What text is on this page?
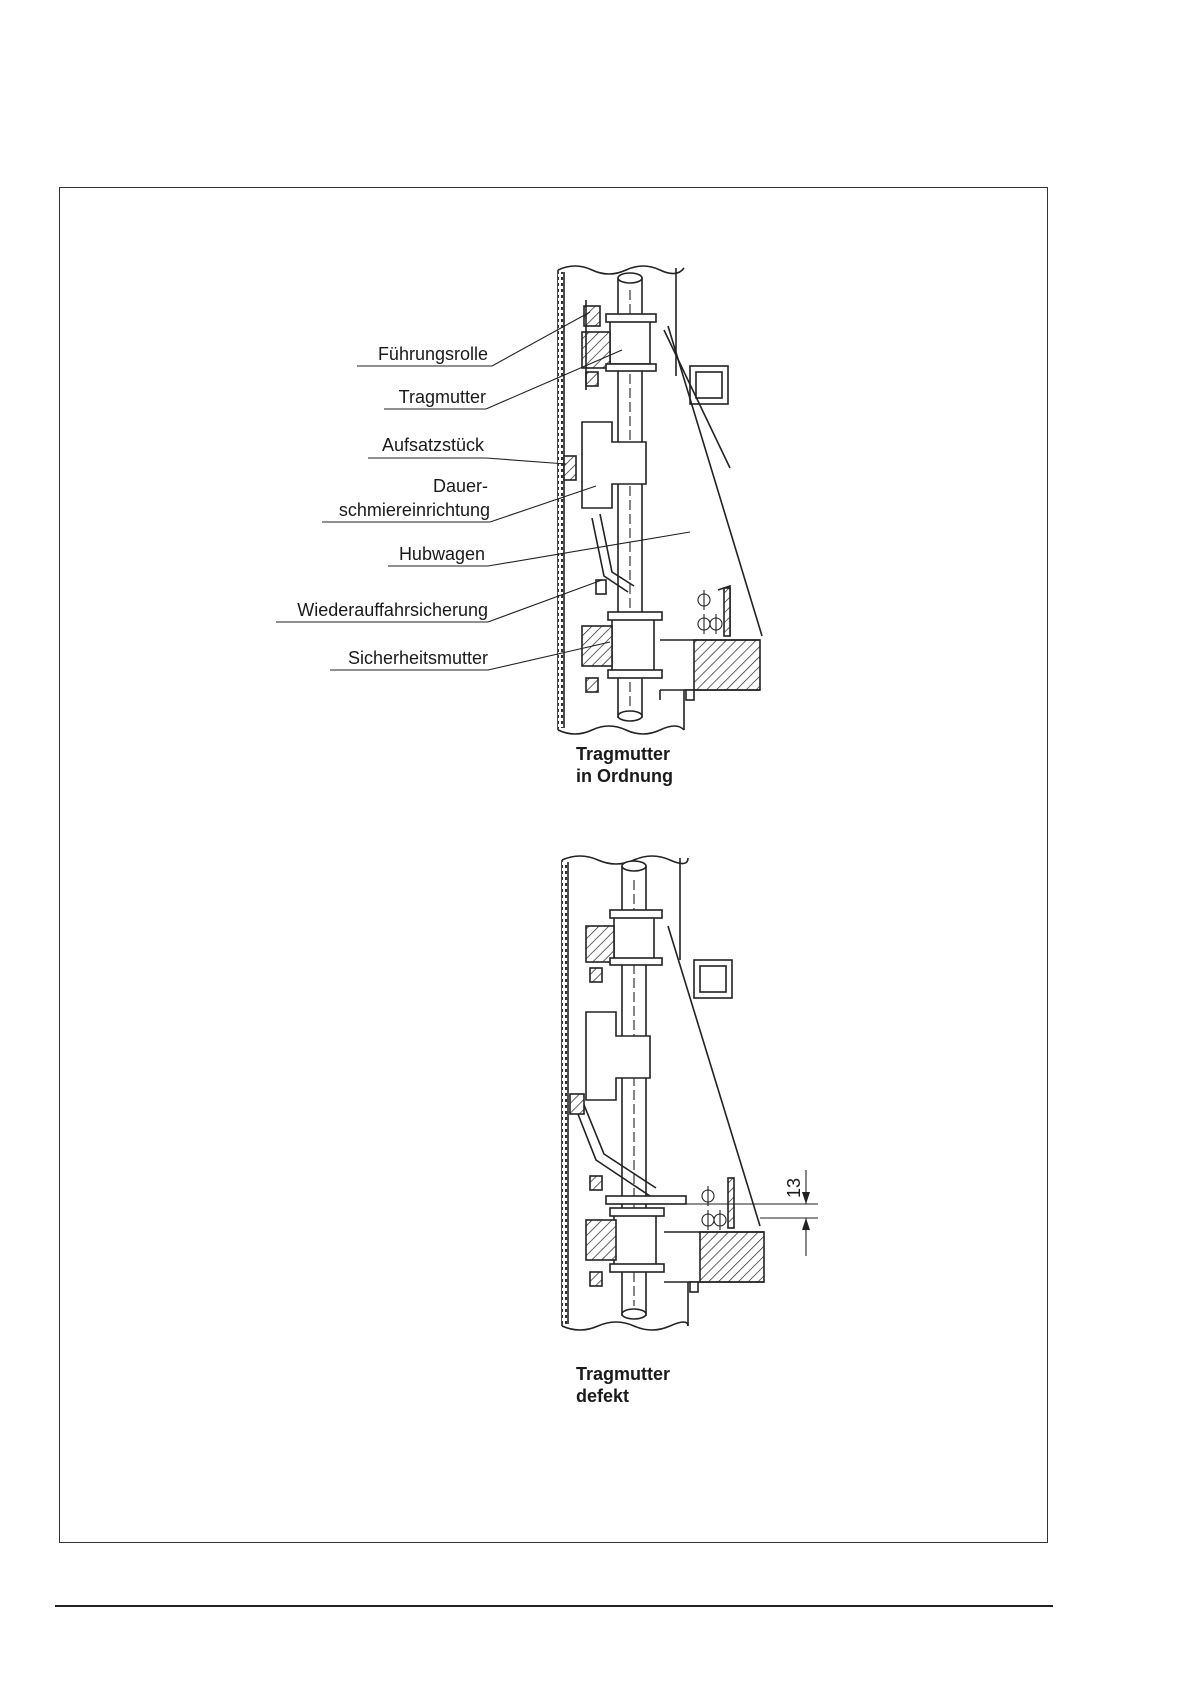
Führungsrolle
Tragmutter
Aufsatzstück
Dauer-
schmiereinrichtung
Hubwagen
Wiederauffahrsicherung
Sicherheitsmutter
Tragmutter
in Ordnung
13
Tragmutter
defekt
